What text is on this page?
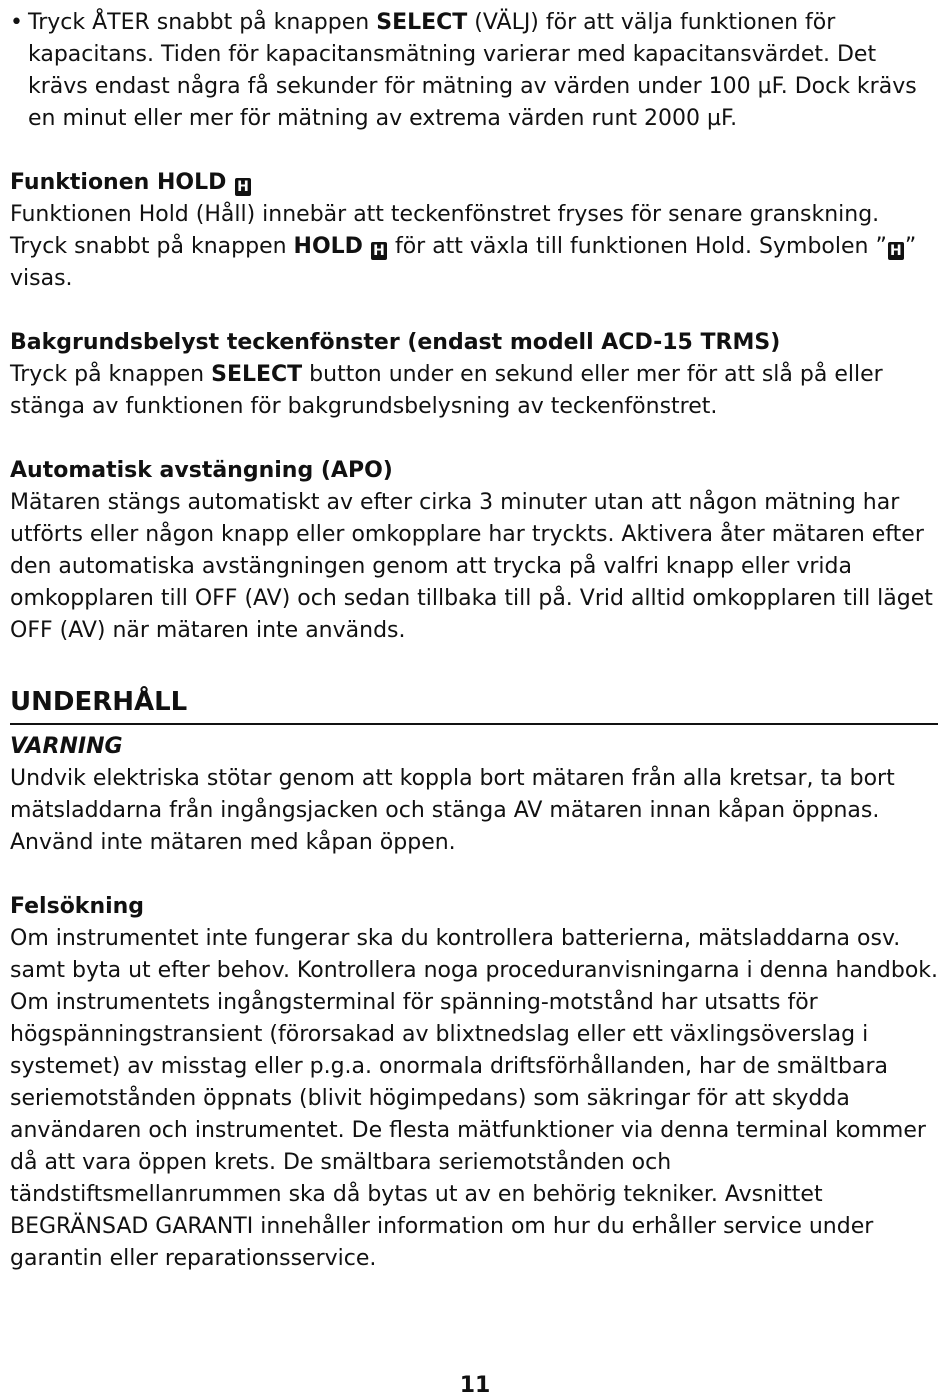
• Tryck ÅTER snabbt på knappen SELECT (VÄLJ) för att välja funktionen för kapacitans. Tiden för kapacitansmätning varierar med kapacitansvärdet. Det krävs endast några få sekunder för mätning av värden under 100 µF. Dock krävs en minut eller mer för mätning av extrema värden runt 2000 µF.

Funktionen HOLD H

Funktionen Hold (Håll) innebär att teckenfönstret fryses för senare granskning. Tryck snabbt på knappen HOLD H för att växla till funktionen Hold. Symbolen ” H ” visas.

Bakgrundsbelyst teckenfönster (endast modell ACD-15 TRMS)

Tryck på knappen SELECT button under en sekund eller mer för att slå på eller stänga av funktionen för bakgrundsbelysning av teckenfönstret.

Automatisk avstängning (APO)

Mätaren stängs automatiskt av efter cirka 3 minuter utan att någon mätning har utförts eller någon knapp eller omkopplare har tryckts. Aktivera åter mätaren efter den automatiska avstängningen genom att trycka på valfri knapp eller vrida omkopplaren till OFF (AV) och sedan tillbaka till på. Vrid alltid omkopplaren till läget OFF (AV) när mätaren inte används.

UNDERHÅLL

VARNING

Undvik elektriska stötar genom att koppla bort mätaren från alla kretsar, ta bort mätsladdarna från ingångsjacken och stänga AV mätaren innan kåpan öppnas. Använd inte mätaren med kåpan öppen.

Felsökning

Om instrumentet inte fungerar ska du kontrollera batterierna, mätsladdarna osv. samt byta ut efter behov. Kontrollera noga proceduranvisningarna i denna handbok. Om instrumentets ingångsterminal för spänning-motstånd har utsatts för högspänningstransient (förorsakad av blixtnedslag eller ett växlingsöverslag i systemet) av misstag eller p.g.a. onormala driftsförhållanden, har de smältbara seriemotstånden öppnats (blivit högimpedans) som säkringar för att skydda användaren och instrumentet. De flesta mätfunktioner via denna terminal kommer då att vara öppen krets. De smältbara seriemotstånden och tändstiftsmellanrummen ska då bytas ut av en behörig tekniker. Avsnittet BEGRÄNSAD GARANTI innehåller information om hur du erhåller service under garantin eller reparationsservice.

11
